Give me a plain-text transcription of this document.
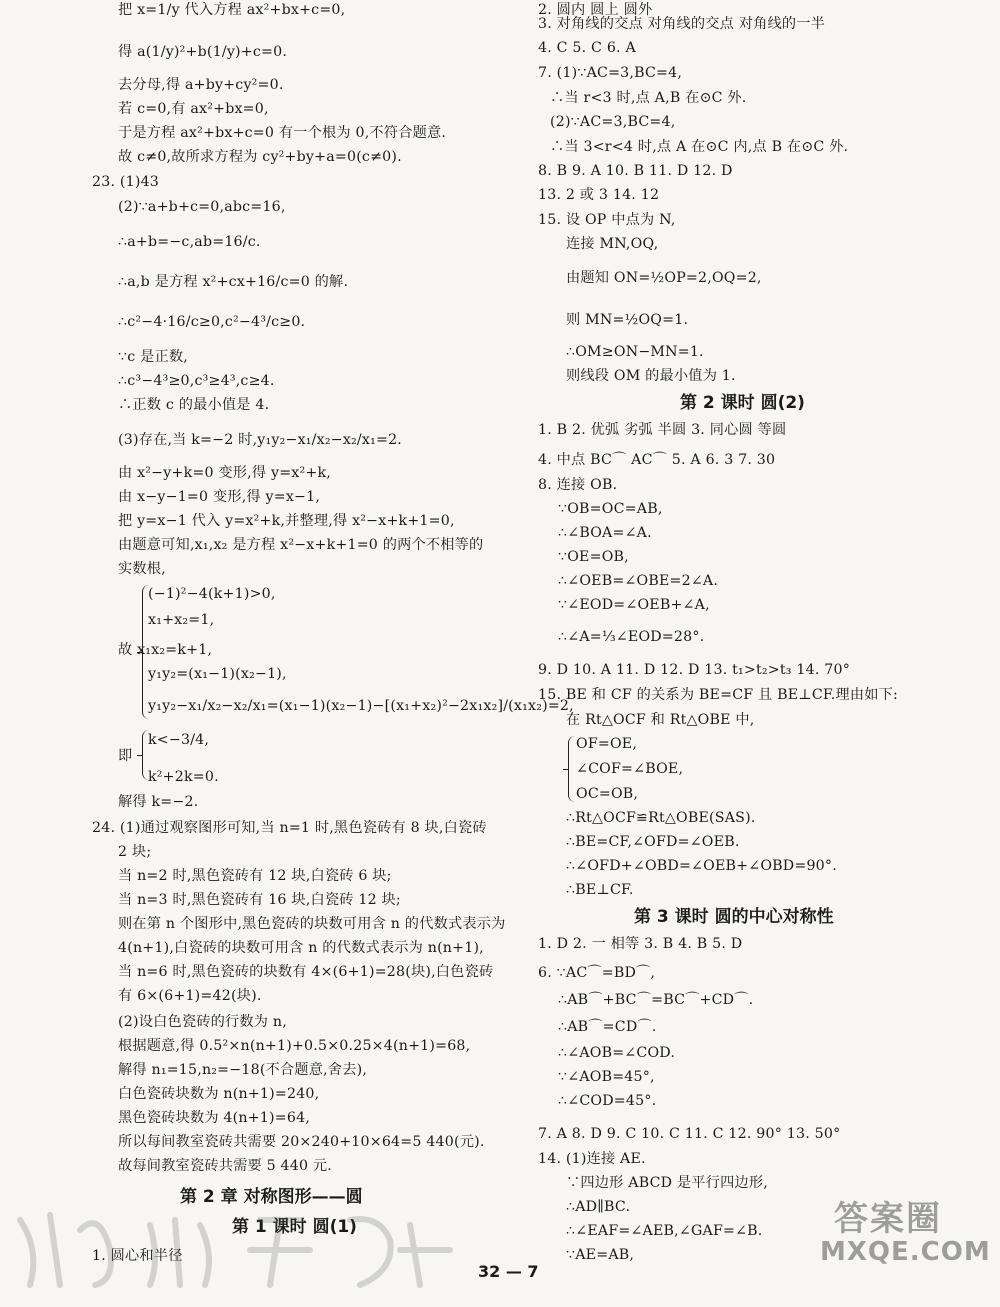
把 x=1/y 代入方程 ax²+bx+c=0,
得 a(1/y)²+b(1/y)+c=0.
去分母,得 a+by+cy²=0.
若 c=0,有 ax²+bx=0,
于是方程 ax²+bx+c=0 有一个根为 0,不符合题意.
故 c≠0,故所求方程为 cy²+by+a=0(c≠0).
23. (1)43
(2)∵a+b+c=0,abc=16,
∴a+b=−c,ab=16/c.
∴a,b 是方程 x²+cx+16/c=0 的解.
∴c²−4·16/c≥0,c²−4³/c≥0.
∵c 是正数,
∴c³−4³≥0,c³≥4³,c≥4.
∴正数 c 的最小值是 4.
(3)存在,当 k=−2 时,y₁y₂−x₁/x₂−x₂/x₁=2.
由 x²−y+k=0 变形,得 y=x²+k,
由 x−y−1=0 变形,得 y=x−1,
把 y=x−1 代入 y=x²+k,并整理,得 x²−x+k+1=0,
由题意可知,x₁,x₂ 是方程 x²−x+k+1=0 的两个不相等的
实数根,
(−1)²−4(k+1)>0,
x₁+x₂=1,
故 x₁x₂=k+1,
y₁y₂=(x₁−1)(x₂−1),
y₁y₂−x₁/x₂−x₂/x₁=(x₁−1)(x₂−1)−[(x₁+x₂)²−2x₁x₂]/(x₁x₂)=2,
k<−3/4,
即
k²+2k=0.
解得 k=−2.
24. (1)通过观察图形可知,当 n=1 时,黑色瓷砖有 8 块,白瓷砖
2 块;
当 n=2 时,黑色瓷砖有 12 块,白瓷砖 6 块;
当 n=3 时,黑色瓷砖有 16 块,白瓷砖 12 块;
则在第 n 个图形中,黑色瓷砖的块数可用含 n 的代数式表示为
4(n+1),白瓷砖的块数可用含 n 的代数式表示为 n(n+1),
当 n=6 时,黑色瓷砖的块数有 4×(6+1)=28(块),白色瓷砖
有 6×(6+1)=42(块).
(2)设白色瓷砖的行数为 n,
根据题意,得 0.5²×n(n+1)+0.5×0.25×4(n+1)=68,
解得 n₁=15,n₂=−18(不合题意,舍去),
白色瓷砖块数为 n(n+1)=240,
黑色瓷砖块数为 4(n+1)=64,
所以每间教室瓷砖共需要 20×240+10×64=5 440(元).
故每间教室瓷砖共需要 5 440 元.
第 2 章 对称图形——圆
第 1 课时 圆(1)
1. 圆心和半径
2. 圆内 圆上 圆外
3. 对角线的交点 对角线的交点 对角线的一半
4. C 5. C 6. A
7. (1)∵AC=3,BC=4,
∴当 r<3 时,点 A,B 在⊙C 外.
(2)∵AC=3,BC=4,
∴当 3<r<4 时,点 A 在⊙C 内,点 B 在⊙C 外.
8. B 9. A 10. B 11. D 12. D
13. 2 或 3 14. 12
15. 设 OP 中点为 N,
连接 MN,OQ,
由题知 ON=½OP=2,OQ=2,
则 MN=½OQ=1.
∴OM≥ON−MN=1.
则线段 OM 的最小值为 1.
第 2 课时 圆(2)
1. B 2. 优弧 劣弧 半圆 3. 同心圆 等圆
4. 中点 BC⌒ AC⌒ 5. A 6. 3 7. 30
8. 连接 OB.
∵OB=OC=AB,
∴∠BOA=∠A.
∵OE=OB,
∴∠OEB=∠OBE=2∠A.
∵∠EOD=∠OEB+∠A,
∴∠A=⅓∠EOD=28°.
9. D 10. A 11. D 12. D 13. t₁>t₂>t₃ 14. 70°
15. BE 和 CF 的关系为 BE=CF 且 BE⊥CF.理由如下:
在 Rt△OCF 和 Rt△OBE 中,
OF=OE,
∠COF=∠BOE,
OC=OB,
∴Rt△OCF≌Rt△OBE(SAS).
∴BE=CF,∠OFD=∠OEB.
∴∠OFD+∠OBD=∠OEB+∠OBD=90°.
∴BE⊥CF.
第 3 课时 圆的中心对称性
1. D 2. 一 相等 3. B 4. B 5. D
6. ∵AC⌒=BD⌒,
∴AB⌒+BC⌒=BC⌒+CD⌒.
∴AB⌒=CD⌒.
∴∠AOB=∠COD.
∵∠AOB=45°,
∴∠COD=45°.
7. A 8. D 9. C 10. C 11. C 12. 90° 13. 50°
14. (1)连接 AE.
∵四边形 ABCD 是平行四边形,
∴AD∥BC.
∴∠EAF=∠AEB,∠GAF=∠B.
∵AE=AB,
32 — 7
答案圈
MXQE.COM
